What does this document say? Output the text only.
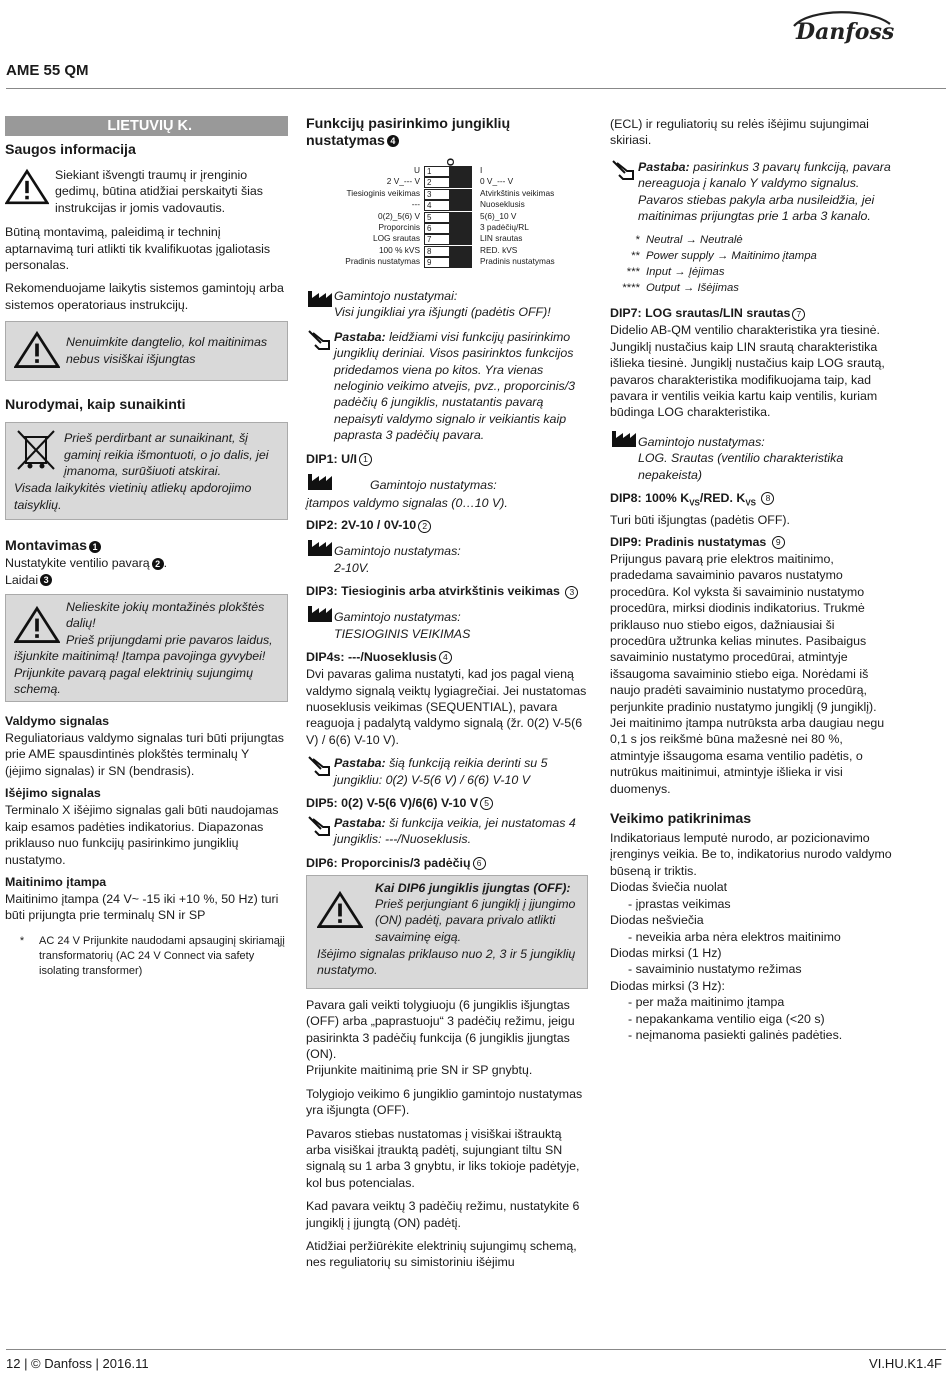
Danfoss
AME 55 QM
LIETUVIŲ K.
Saugos informacija

Siekiant išvengti traumų ir įrenginio gedimų, būtina atidžiai perskaityti šias instrukcijas ir jomis vadovautis.

Būtiną montavimą, paleidimą ir techninį aptarnavimą turi atlikti tik kvalifikuotas įgaliotasis personalas.

Rekomenduojame laikytis sistemos gamintojų arba sistemos operatoriaus instrukcijų.

Nenuimkite dangtelio, kol maitinimas nebus visiškai išjungtas
Nurodymai, kaip sunaikinti
Prieš perdirbant ar sunaikinant, šį gaminį reikia išmontuoti, o jo dalis, jei įmanoma, surūšiuoti atskirai.
Visada laikykitės vietinių atliekų apdorojimo taisyklių.
Montavimas 1
Nustatykite ventilio pavarą 2 .
Laidai 3
Nelieskite jokių montažinės plokštės dalių!
Prieš prijungdami prie pavaros laidus, išjunkite maitinimą! Įtampa pavojinga gyvybei!
Prijunkite pavarą pagal elektrinių sujungimų schemą.
Valdymo signalas

Reguliatoriaus valdymo signalas turi būti prijungtas prie AME spausdintinės plokštės terminalų Y (įėjimo signalas) ir SN (bendrasis).

Išėjimo signalas

Terminalo X išėjimo signalas gali būti naudojamas kaip esamos padėties indikatorius. Diapazonas priklauso nuo funkcijų pasirinkimo jungiklių nustatymo.

Maitinimo įtampa

Maitinimo įtampa (24 V~ -15 iki +10 %, 50 Hz) turi būti prijungta prie terminalų SN ir SP

*	AC 24 V Prijunkite naudodami apsauginį skiriamąjį transformatorių (AC 24 V Connect via safety isolating transformer)
Funkcijų pasirinkimo jungiklių nustatymas 4
1
2
3
4
5
6
7
8
9
U	I
2 V_--- V	0 V_--- V
Tiesioginis veikimas	Atvirkštinis veikimas
---	Nuoseklusis
0(2)_5(6) V	5(6)_10 V
Proporcinis	3 padėčių/RL
LOG srautas	LIN srautas
100 % kVS	RED. kVS
Pradinis nustatymas	Pradinis nustatymas
Gamintojo nustatymai:
Visi jungikliai yra išjungti (padėtis OFF)!
Pastaba: leidžiami visi funkcijų pasirinkimo jungiklių deriniai. Visos pasirinktos funkcijos pridedamos viena po kitos. Yra vienas neloginio veikimo atvejis, pvz., proporcinis/3 padėčių 6 jungiklis, nustatantis pavarą nepaisyti valdymo signalo ir veikiantis kaip paprasta 3 padėčių pavara.
DIP1: U/I 1
Gamintojo nustatymas:
įtampos valdymo signalas (0…10 V).
DIP2: 2V-10 / 0V-10 2
Gamintojo nustatymas:
2-10V.
DIP3: Tiesioginis arba atvirkštinis veikimas 3
Gamintojo nustatymas:
TIESIOGINIS VEIKIMAS
DIP4s: ---/Nuoseklusis 4

Dvi pavaras galima nustatyti, kad jos pagal vieną valdymo signalą veiktų lygiagrečiai. Jei nustatomas nuoseklusis veikimas (SEQUENTIAL), pavara reaguoja į padalytą valdymo signalą (žr. 0(2) V-5(6 V) / 6(6) V-10 V).

Pastaba: šią funkciją reikia derinti su 5 jungikliu: 0(2) V-5(6 V) / 6(6) V-10 V
DIP5: 0(2) V-5(6 V)/6(6) V-10 V 5
Pastaba: ši funkcija veikia, jei nustatomas 4 jungiklis: ---/Nuoseklusis.
DIP6: Proporcinis/3 padėčių 6
Kai DIP6 jungiklis įjungtas (OFF):
Prieš perjungiant 6 jungiklį į įjungimo (ON) padėtį, pavara privalo atlikti savaiminę eigą.
Išėjimo signalas priklauso nuo 2, 3 ir 5 jungiklių nustatymo.
Pavara gali veikti tolygiuoju (6 jungiklis išjungtas (OFF) arba „paprastuoju“ 3 padėčių režimu, jeigu pasirinkta 3 padėčių funkcija (6 jungiklis įjungtas (ON).

Prijunkite maitinimą prie SN ir SP gnybtų.

Tolygiojo veikimo 6 jungiklio gamintojo nustatymas yra išjungta (OFF).

Pavaros stiebas nustatomas į visiškai ištrauktą arba visiškai įtrauktą padėtį, sujungiant tiltu SN signalą su 1 arba 3 gnybtu, ir liks tokioje padėtyje, kol bus potencialas.

Kad pavara veiktų 3 padėčių režimu, nustatykite 6 jungiklį į įjungtą (ON) padėtį.

Atidžiai peržiūrėkite elektrinių sujungimų schemą, nes reguliatorių su simistoriniu išėjimu

(ECL) ir reguliatorių su relės išėjimu sujungimai skiriasi.

Pastaba: pasirinkus 3 pavarų funkciją, pavara nereaguoja į kanalo Y valdymo signalus. Pavaros stiebas pakyla arba nusileidžia, jei maitinimas prijungtas prie 1 arba 3 kanalo.
* Neutral → Neutralė
** Power supply → Maitinimo įtampa
*** Input → Įėjimas
**** Output → Išėjimas
DIP7: LOG srautas/LIN srautas 7

Didelio AB-QM ventilio charakteristika yra tiesinė. Jungiklį nustačius kaip LIN srautą charakteristika išlieka tiesinė. Jungiklį nustačius kaip LOG srautą, pavaros charakteristika modifikuojama taip, kad pavara ir ventilis veikia kartu kaip ventilis, kuriam būdinga LOG charakteristika.

Gamintojo nustatymas:
LOG. Srautas (ventilio charakteristika nepakeista)
DIP8: 100% $K_{VS}$/RED. $K_{VS}$ 8

Turi būti išjungtas (padėtis OFF).

DIP9: Pradinis nustatymas 9

Prijungus pavarą prie elektros maitinimo, pradedama savaiminio pavaros nustatymo procedūra. Kol vyksta ši savaiminio nustatymo procedūra, mirksi diodinis indikatorius. Trukmė priklauso nuo stiebo eigos, dažniausiai ši procedūra užtrunka kelias minutes. Pasibaigus savaiminio nustatymo procedūrai, atmintyje išsaugoma savaiminio stiebo eiga. Norėdami iš naujo pradėti savaiminio nustatymo procedūrą, perjunkite pradinio nustatymo jungiklį (9 jungiklį). Jei maitinimo įtampa nutrūksta arba daugiau negu 0,1 s jos reikšmė būna mažesnė nei 80 %, atmintyje išsaugoma esama ventilio padėtis, o nutrūkus maitinimui, atmintyje išlieka ir visi duomenys.

Veikimo patikrinimas
Indikatoriaus lemputė nurodo, ar pozicionavimo įrenginys veikia. Be to, indikatorius nurodo valdymo būseną ir triktis.
Diodas šviečia nuolat
- įprastas veikimas
Diodas nešviečia
- neveikia arba nėra elektros maitinimo
Diodas mirksi (1 Hz)
- savaiminio nustatymo režimas
Diodas mirksi (3 Hz):
- per maža maitinimo įtampa
- nepakankama ventilio eiga (<20 s)
- neįmanoma pasiekti galinės padėties.
12 | © Danfoss | 2016.11	VI.HU.K1.4F
